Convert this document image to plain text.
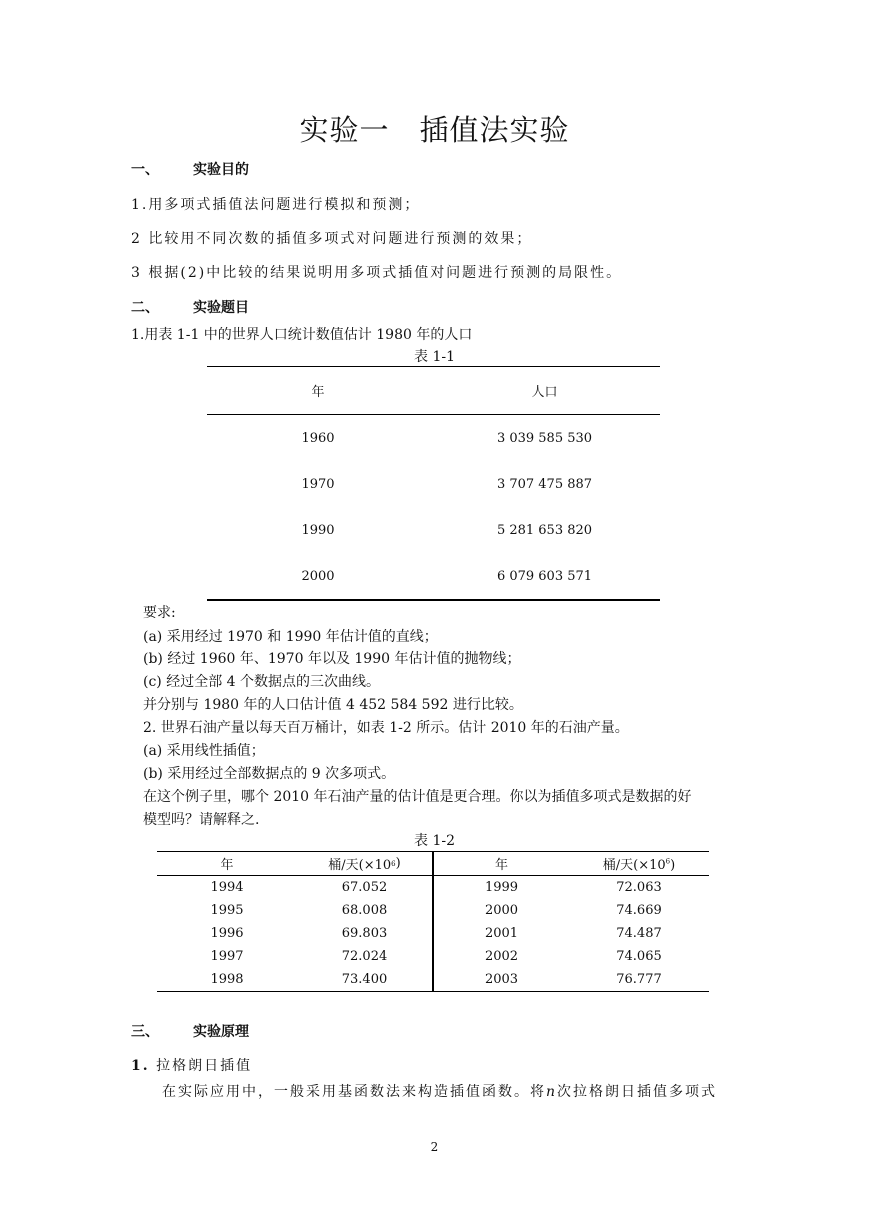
实验一　插值法实验
一、 实验目的
1.用多项式插值法问题进行模拟和预测；
2 比较用不同次数的插值多项式对问题进行预测的效果；
3 根据(2)中比较的结果说明用多项式插值对问题进行预测的局限性。
二、 实验题目
1.用表 1-1 中的世界人口统计数值估计 1980 年的人口
表 1-1
年	人口
1960	3 039 585 530
1970	3 707 475 887
1990	5 281 653 820
2000	6 079 603 571
要求:
(a) 采用经过 1970 和 1990 年估计值的直线；
(b) 经过 1960 年、1970 年以及 1990 年估计值的抛物线；
(c) 经过全部 4 个数据点的三次曲线。
并分别与 1980 年的人口估计值 4 452 584 592 进行比较。
2. 世界石油产量以每天百万桶计，如表 1-2 所示。估计 2010 年的石油产量。
(a) 采用线性插值；
(b) 采用经过全部数据点的 9 次多项式。
在这个例子里，哪个 2010 年石油产量的估计值是更合理。你以为插值多项式是数据的好
模型吗？请解释之.
表 1-2
年	桶/天(×10 6 )	年	桶/天$(\times 10^6)$
1994	67.052	1999	72.063
1995	68.008	2000	74.669
1996	69.803	2001	74.487
1997	72.024	2002	74.065
1998	73.400	2003	76.777
三、 实验原理
1. 拉格朗日插值
在实际应用中，一般采用基函数法来构造插值函数。将n次拉格朗日插值多项式
2
